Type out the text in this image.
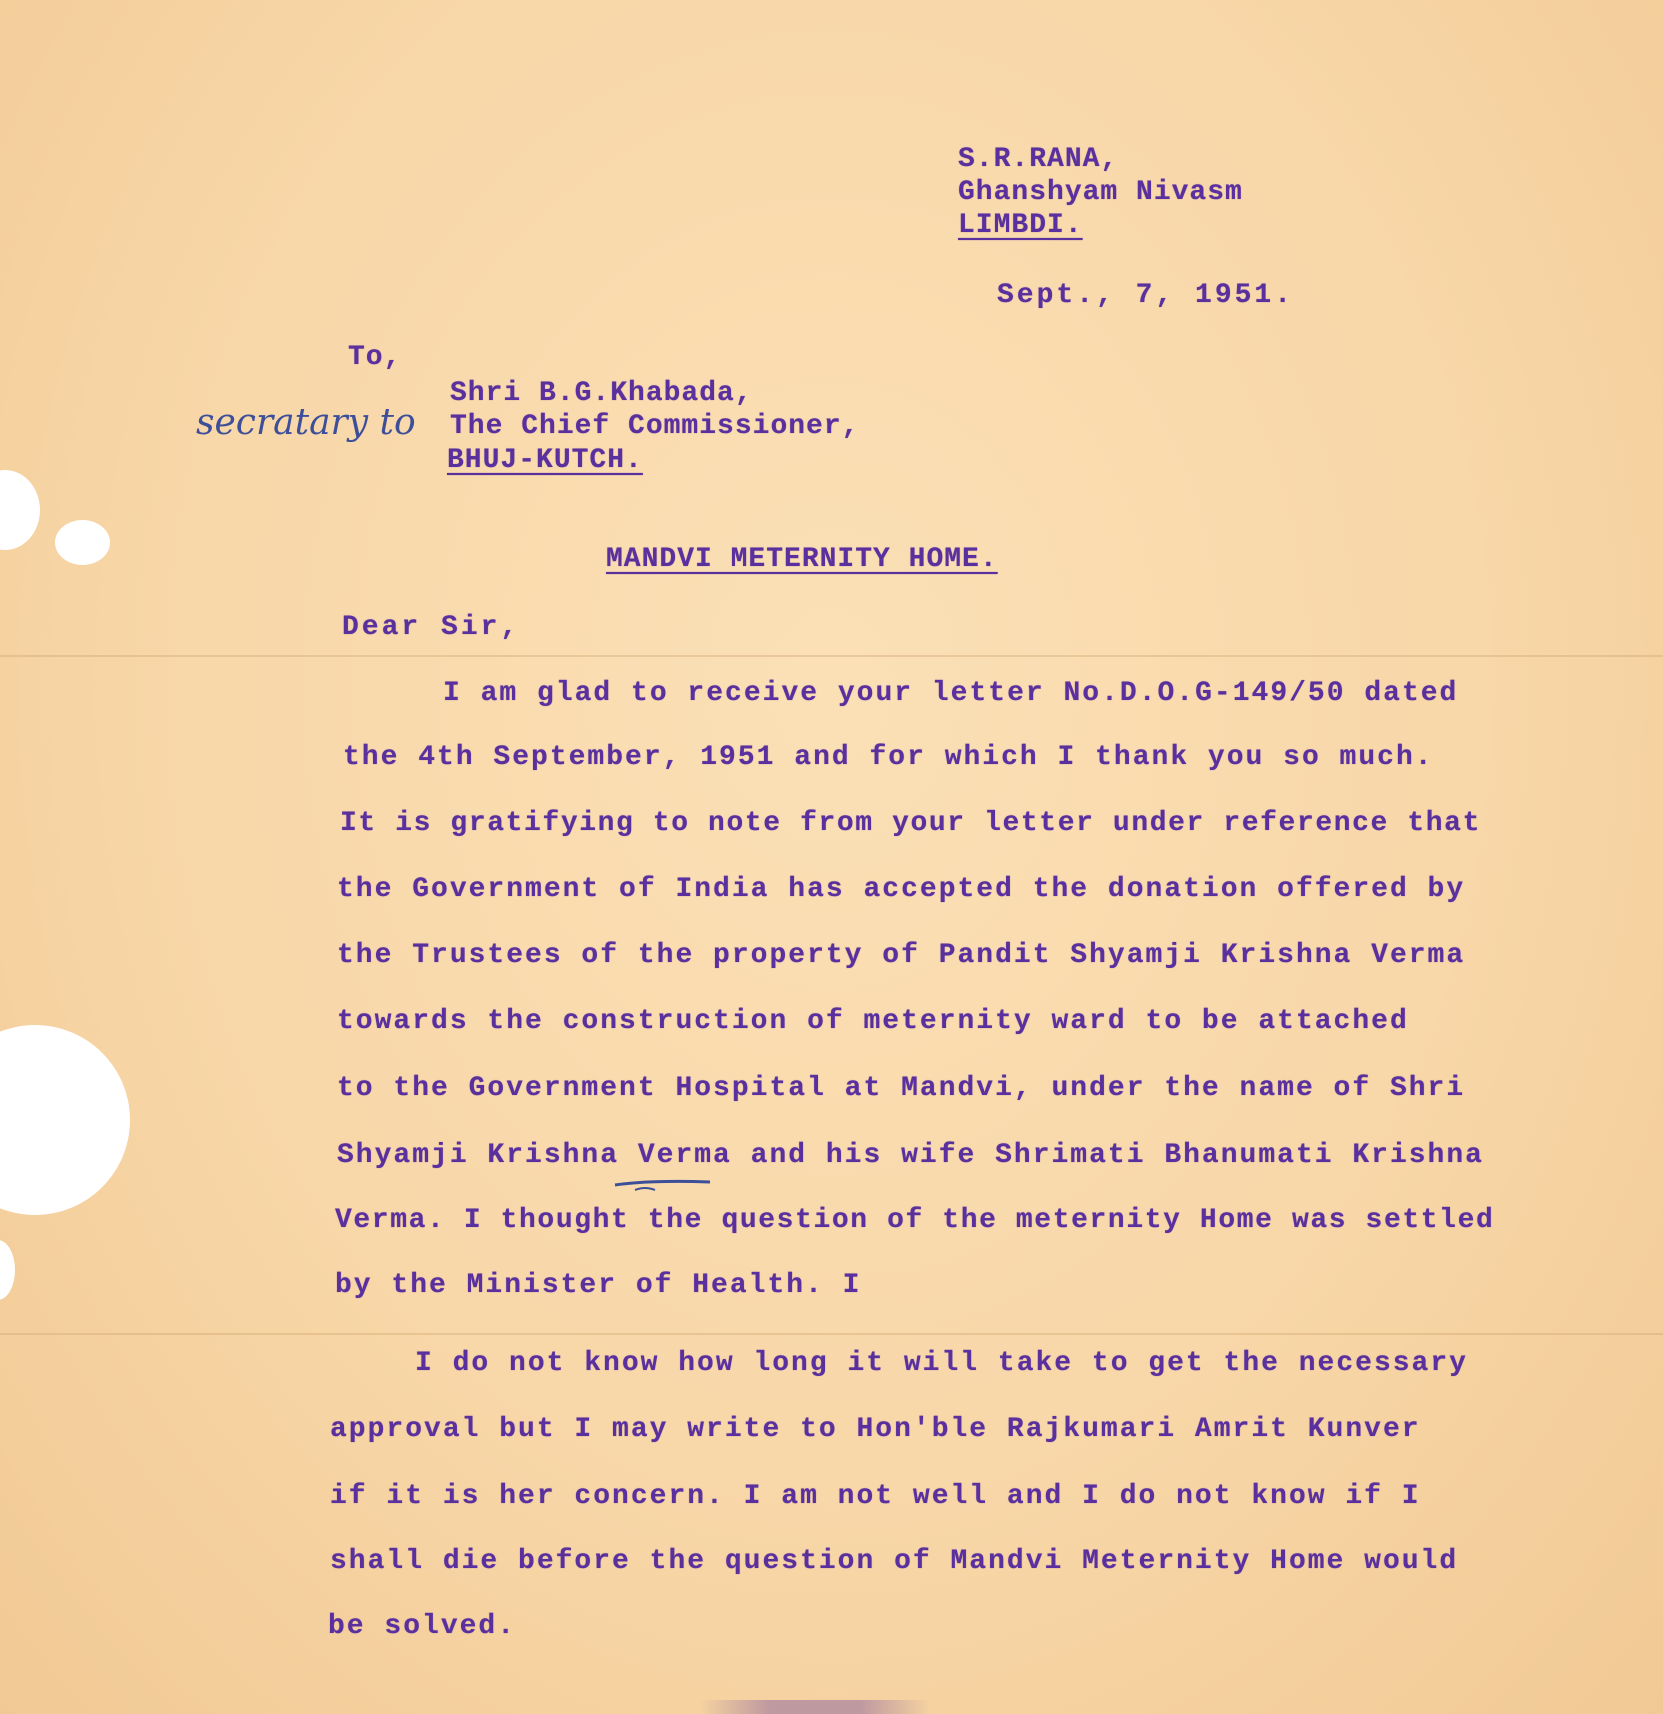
S.R.RANA,

Ghanshyam Nivasm

LIMBDI.

Sept., 7, 1951.

To,

Shri B.G.Khabada,

secratary to The Chief Commissioner,

BHUJ-KUTCH.

MANDVI METERNITY HOME.

Dear Sir,

I am glad to receive your letter No.D.O.G-149/50 dated

the 4th September, 1951 and for which I thank you so much.

It is gratifying to note from your letter under reference that

the Government of India has accepted the donation offered by

the Trustees of the property of Pandit Shyamji Krishna Verma

towards the construction of meternity ward to be attached

to the Government Hospital at Mandvi, under the name of Shri

Shyamji Krishna Verma and his wife Shrimati Bhanumati Krishna

Verma. I thought the question of the meternity Home was settled

by the Minister of Health. I

I do not know how long it will take to get the necessary

approval but I may write to Hon'ble Rajkumari Amrit Kunver

if it is her concern. I am not well and I do not know if I

shall die before the question of Mandvi Meternity Home would

be solved.
